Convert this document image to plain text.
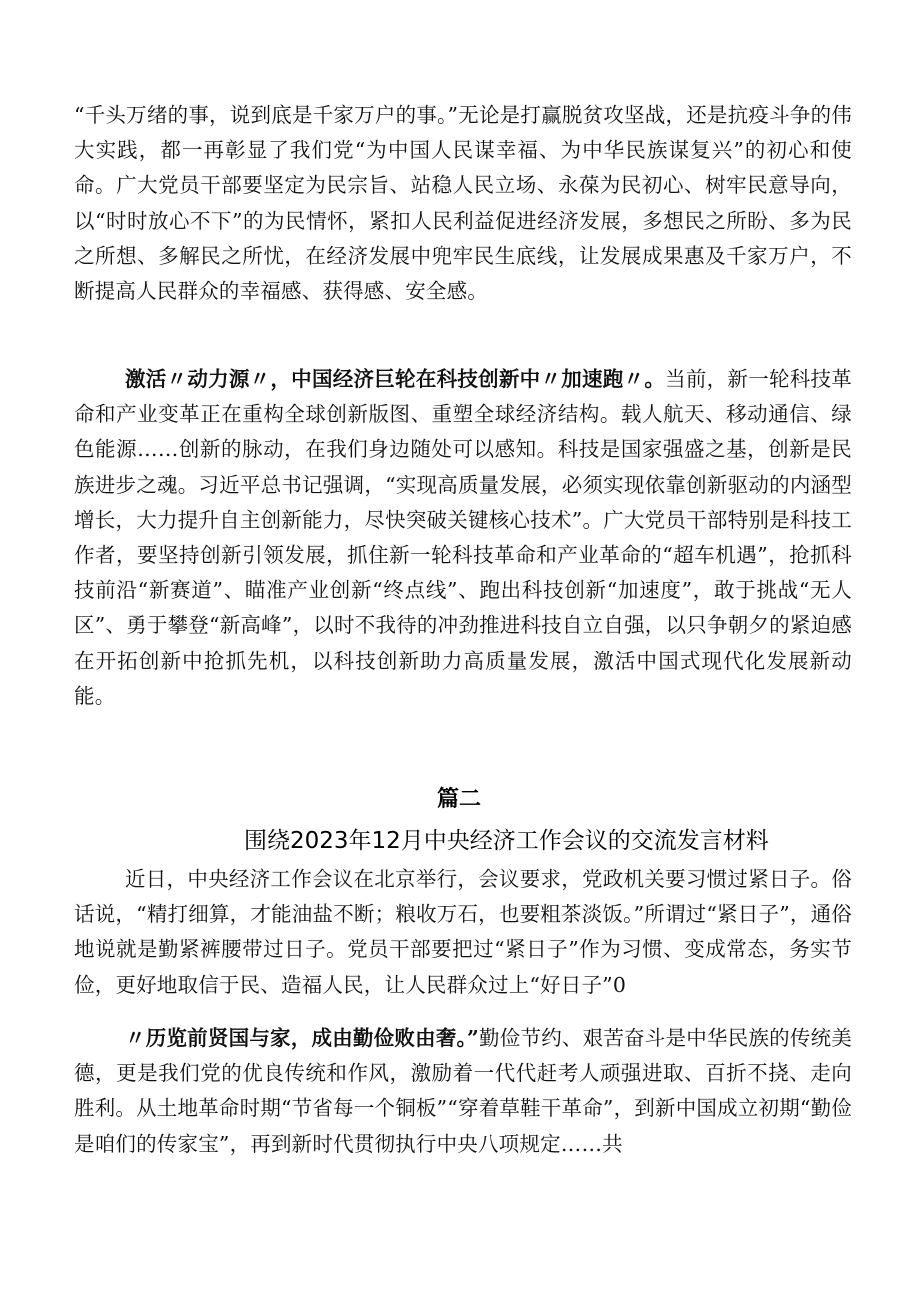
“千头万绪的事，说到底是千家万户的事。”无论是打赢脱贫攻坚战，还是抗疫斗争的伟大实践，都一再彰显了我们党“为中国人民谋幸福、为中华民族谋复兴”的初心和使命。广大党员干部要坚定为民宗旨、站稳人民立场、永葆为民初心、树牢民意导向，以“时时放心不下”的为民情怀，紧扣人民利益促进经济发展，多想民之所盼、多为民之所想、多解民之所忧，在经济发展中兜牢民生底线，让发展成果惠及千家万户，不断提高人民群众的幸福感、获得感、安全感。

激活〃动力源〃，中国经济巨轮在科技创新中〃加速跑〃。当前，新一轮科技革命和产业变革正在重构全球创新版图、重塑全球经济结构。载人航天、移动通信、绿色能源……创新的脉动，在我们身边随处可以感知。科技是国家强盛之基，创新是民族进步之魂。习近平总书记强调，“实现高质量发展，必须实现依靠创新驱动的内涵型增长，大力提升自主创新能力，尽快突破关键核心技术”。广大党员干部特别是科技工作者，要坚持创新引领发展，抓住新一轮科技革命和产业革命的“超车机遇”，抢抓科技前沿“新赛道”、瞄准产业创新“终点线”、跑出科技创新“加速度”，敢于挑战“无人区”、勇于攀登“新高峰”，以时不我待的冲劲推进科技自立自强，以只争朝夕的紧迫感在开拓创新中抢抓先机，以科技创新助力高质量发展，激活中国式现代化发展新动能。

篇二
围绕2023年12月中央经济工作会议的交流发言材料

近日，中央经济工作会议在北京举行，会议要求，党政机关要习惯过紧日子。俗话说，“精打细算，才能油盐不断；粮收万石，也要粗茶淡饭。”所谓过“紧日子”，通俗地说就是勤紧裤腰带过日子。党员干部要把过“紧日子”作为习惯、变成常态，务实节俭，更好地取信于民、造福人民，让人民群众过上“好日子”0

〃历览前贤国与家，成由勤俭败由奢。”勤俭节约、艰苦奋斗是中华民族的传统美德，更是我们党的优良传统和作风，激励着一代代赶考人顽强进取、百折不挠、走向胜利。从土地革命时期“节省每一个铜板”“穿着草鞋干革命”，到新中国成立初期“勤俭是咱们的传家宝”，再到新时代贯彻执行中央八项规定……共
